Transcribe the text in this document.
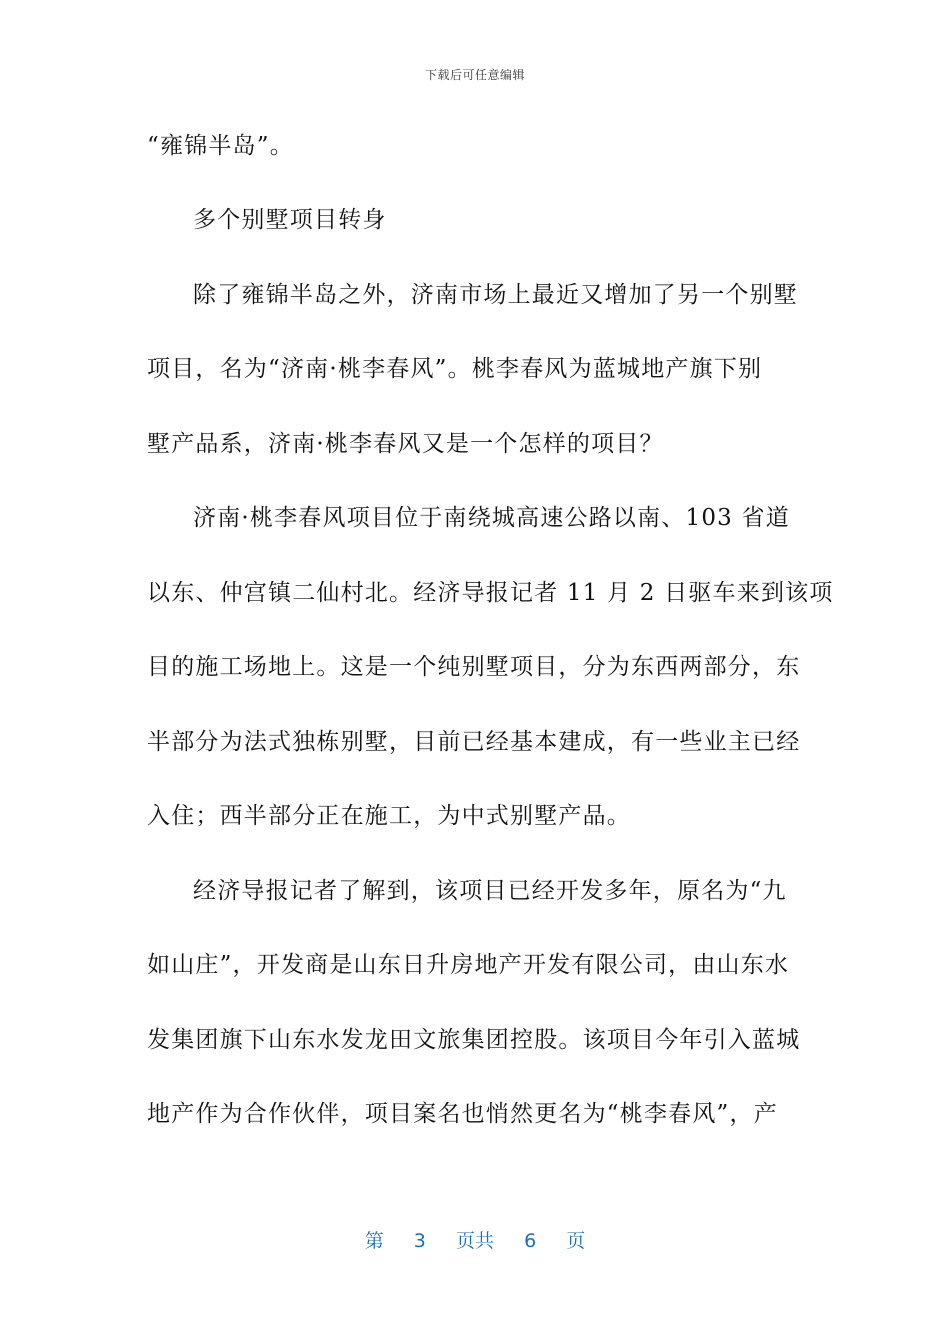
下载后可任意编辑
“雍锦半岛”。
多个别墅项目转身
除了雍锦半岛之外，济南市场上最近又增加了另一个别墅
项目，名为“济南·桃李春风”。桃李春风为蓝城地产旗下别
墅产品系，济南·桃李春风又是一个怎样的项目？
济南·桃李春风项目位于南绕城高速公路以南、103 省道
以东、仲宫镇二仙村北。经济导报记者 11 月 2 日驱车来到该项
目的施工场地上。这是一个纯别墅项目，分为东西两部分，东
半部分为法式独栋别墅，目前已经基本建成，有一些业主已经
入住；西半部分正在施工，为中式别墅产品。
经济导报记者了解到，该项目已经开发多年，原名为“九
如山庄”，开发商是山东日升房地产开发有限公司，由山东水
发集团旗下山东水发龙田文旅集团控股。该项目今年引入蓝城
地产作为合作伙伴，项目案名也悄然更名为“桃李春风”，产
第 3 页共 6 页
